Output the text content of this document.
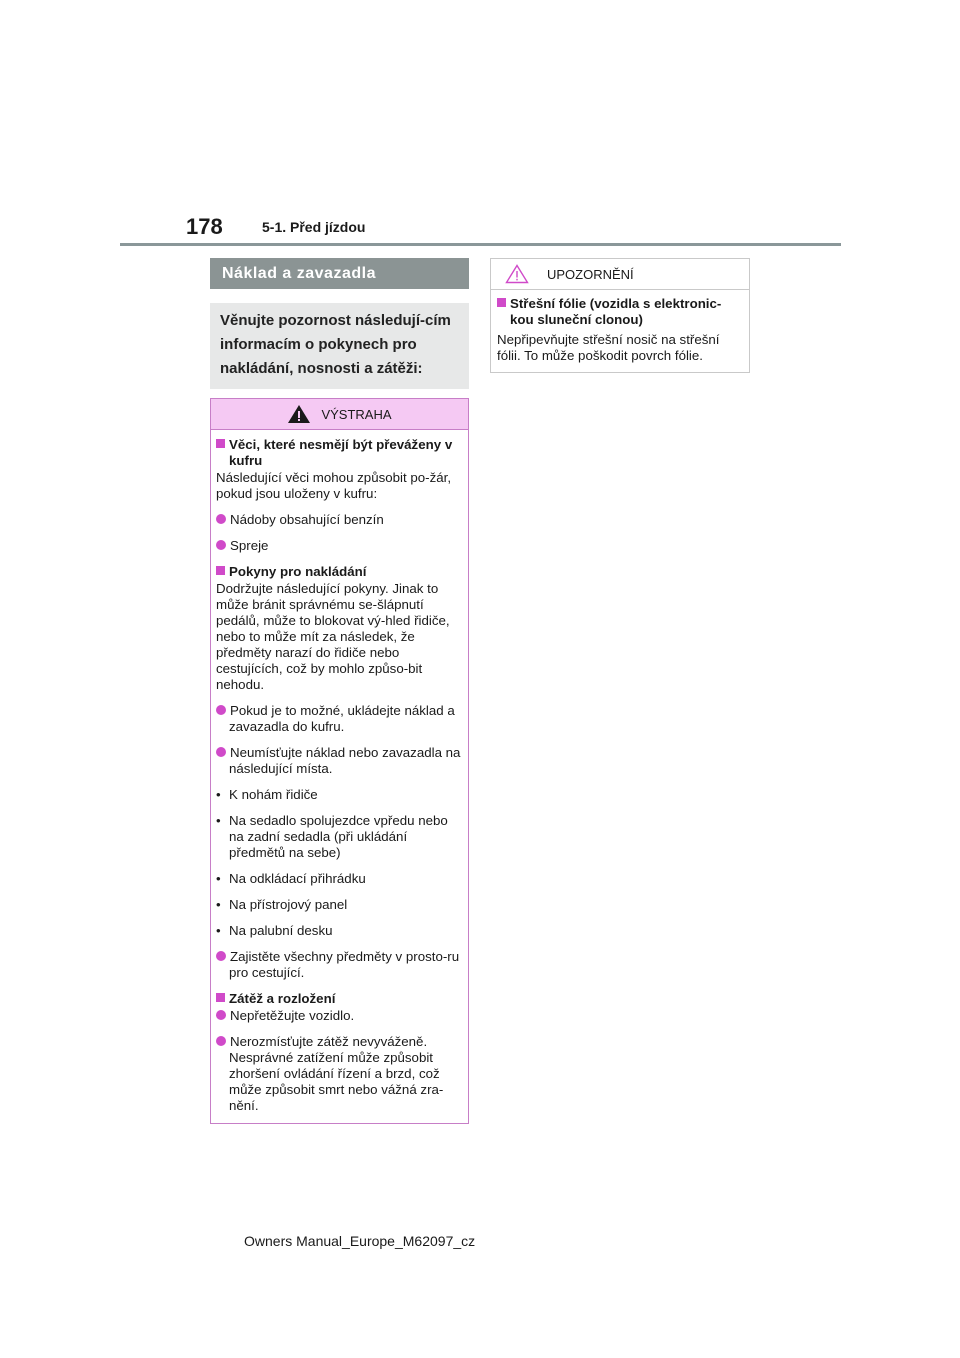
178	5-1. Před jízdou
Náklad a zavazadla
Věnujte pozornost následují-cím informacím o pokynech pro nakládání, nosnosti a zátěži:
VÝSTRAHA
Věci, které nesmějí být převáženy v kufru
Následující věci mohou způsobit po-žár, pokud jsou uloženy v kufru:
Nádoby obsahující benzín
Spreje
Pokyny pro nakládání
Dodržujte následující pokyny. Jinak to může bránit správnému se-šlápnutí pedálů, může to blokovat vý-hled řidiče, nebo to může mít za následek, že předměty narazí do řidiče nebo cestujících, což by mohlo způso-bit nehodu.
Pokud je to možné, ukládejte náklad a zavazadla do kufru.
Neumísťujte náklad nebo zavazadla na následující místa.
• K nohám řidiče
• Na sedadlo spolujezdce vpředu nebo na zadní sedadla (při ukládání předmětů na sebe)
• Na odkládací přihrádku
• Na přístrojový panel
• Na palubní desku
Zajistěte všechny předměty v prosto-ru pro cestující.
Zátěž a rozložení
Nepřetěžujte vozidlo.
Nerozmísťujte zátěž nevyváženě. Nesprávné zatížení může způsobit zhoršení ovládání řízení a brzd, což může způsobit smrt nebo vážná zra-nění.
UPOZORNĚNÍ
Střešní fólie (vozidla s elektronic-kou sluneční clonou)
Nepřipevňujte střešní nosič na střešní fólii. To může poškodit povrch fólie.
Owners Manual_Europe_M62097_cz
